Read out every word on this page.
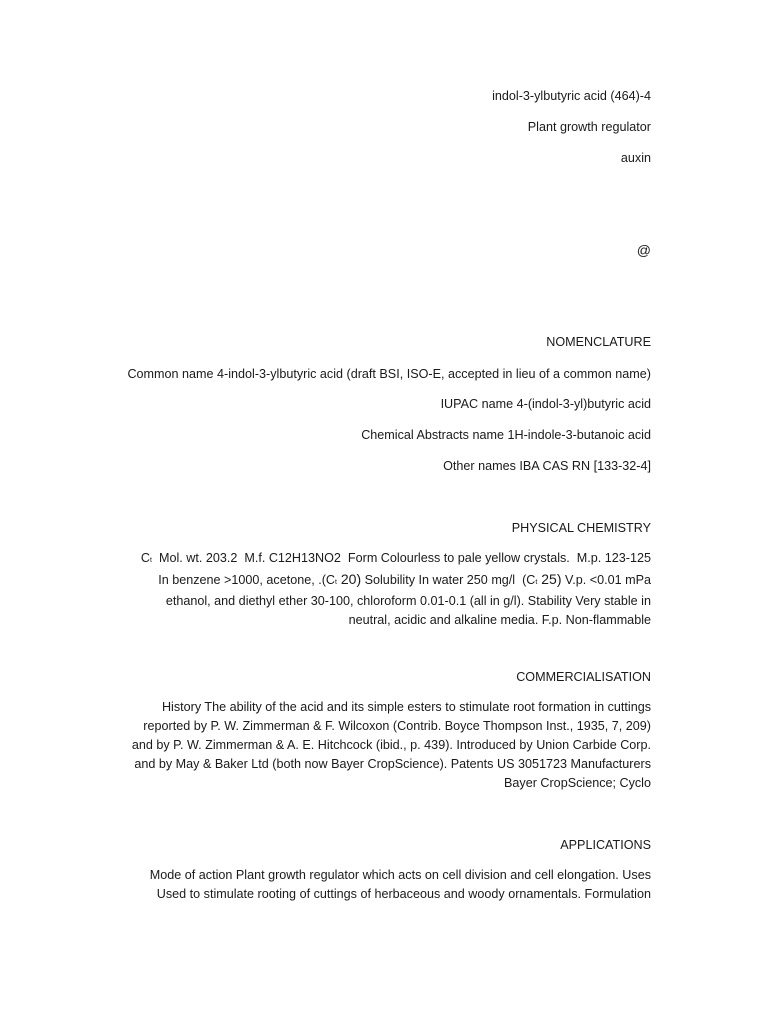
indol-3-ylbutyric acid (464)-4
Plant growth regulator
auxin
@
NOMENCLATURE
Common name 4-indol-3-ylbutyric acid (draft BSI, ISO-E, accepted in lieu of a common name)
IUPAC name 4-(indol-3-yl)butyric acid
Chemical Abstracts name 1H-indole-3-butanoic acid
Other names IBA CAS RN [133-32-4]
PHYSICAL CHEMISTRY
Ct  Mol. wt. 203.2  M.f. C12H13NO2  Form Colourless to pale yellow crystals.  M.p. 123-125
In benzene >1000, acetone, .(Ct 20) Solubility In water 250 mg/l  (Ct 25) V.p. <0.01 mPa
ethanol, and diethyl ether 30-100, chloroform 0.01-0.1 (all in g/l). Stability Very stable in
neutral, acidic and alkaline media. F.p. Non-flammable
COMMERCIALISATION
History The ability of the acid and its simple esters to stimulate root formation in cuttings
reported by P. W. Zimmerman & F. Wilcoxon (Contrib. Boyce Thompson Inst., 1935, 7, 209)
and by P. W. Zimmerman & A. E. Hitchcock (ibid., p. 439). Introduced by Union Carbide Corp.
and by May & Baker Ltd (both now Bayer CropScience). Patents US 3051723 Manufacturers
Bayer CropScience; Cyclo
APPLICATIONS
Mode of action Plant growth regulator which acts on cell division and cell elongation. Uses
Used to stimulate rooting of cuttings of herbaceous and woody ornamentals. Formulation
